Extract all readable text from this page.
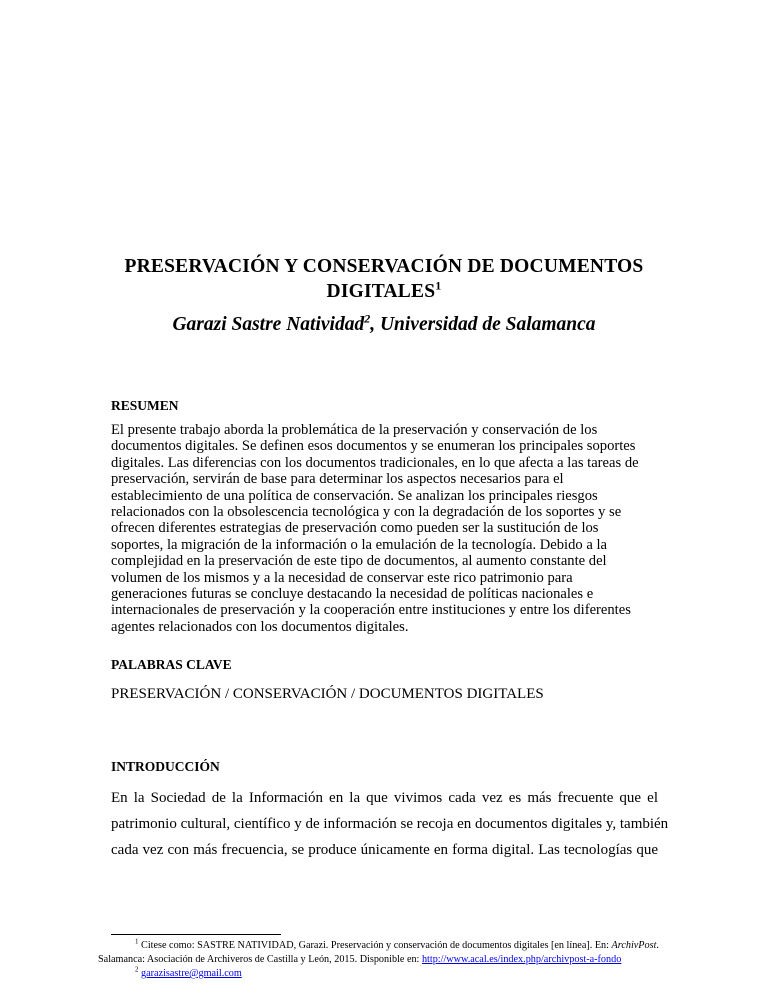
PRESERVACIÓN Y CONSERVACIÓN DE DOCUMENTOS
DIGITALES$^1$
Garazi Sastre Natividad$^2$, Universidad de Salamanca
RESUMEN
El presente trabajo aborda la problemática de la preservación y conservación de los
documentos digitales. Se definen esos documentos y se enumeran los principales soportes
digitales. Las diferencias con los documentos tradicionales, en lo que afecta a las tareas de
preservación, servirán de base para determinar los aspectos necesarios para el
establecimiento de una política de conservación. Se analizan los principales riesgos
relacionados con la obsolescencia tecnológica y con la degradación de los soportes y se
ofrecen diferentes estrategias de preservación como pueden ser la sustitución de los
soportes, la migración de la información o la emulación de la tecnología. Debido a la
complejidad en la preservación de este tipo de documentos, al aumento constante del
volumen de los mismos y a la necesidad de conservar este rico patrimonio para
generaciones futuras se concluye destacando la necesidad de políticas nacionales e
internacionales de preservación y la cooperación entre instituciones y entre los diferentes
agentes relacionados con los documentos digitales.
PALABRAS CLAVE
PRESERVACIÓN / CONSERVACIÓN / DOCUMENTOS DIGITALES
INTRODUCCIÓN
En la Sociedad de la Información en la que vivimos cada vez es más frecuente que el
patrimonio cultural, científico y de información se recoja en documentos digitales y, también
cada vez con más frecuencia, se produce únicamente en forma digital. Las tecnologías que
$^1$ Citese como: SASTRE NATIVIDAD, Garazi. Preservación y conservación de documentos digitales [en línea]. En: ArchivPost.
Salamanca: Asociación de Archiveros de Castilla y León, 2015. Disponible en: http://www.acal.es/index.php/archivpost-a-fondo
$^2$ garazisastre@gmail.com
